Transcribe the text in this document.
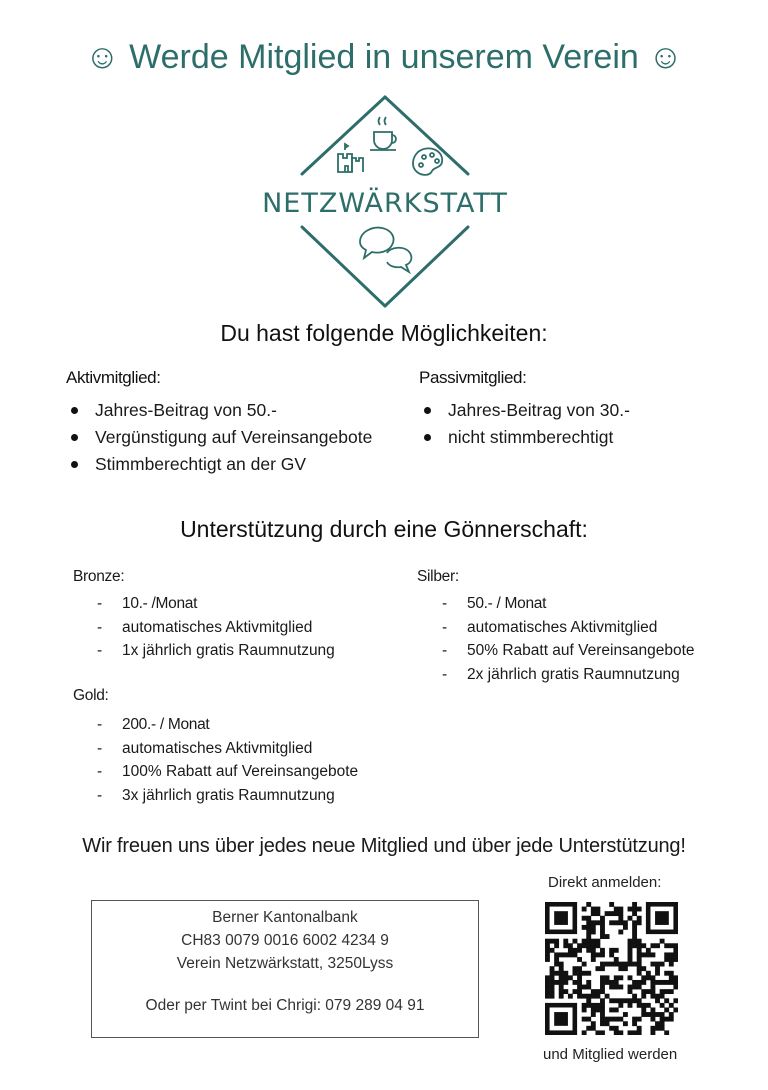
☺ Werde Mitglied in unserem Verein ☺
NETZWÄRKSTATT
Du hast folgende Möglichkeiten:
Aktivmitglied:
Jahres-Beitrag von 50.-
Vergünstigung auf Vereinsangebote
Stimmberechtigt an der GV
Passivmitglied:
Jahres-Beitrag von 30.-
nicht stimmberechtigt
Unterstützung durch eine Gönnerschaft:
Bronze:
- 10.- /Monat
- automatisches Aktivmitglied
- 1x jährlich gratis Raumnutzung
Silber:
- 50.- / Monat
- automatisches Aktivmitglied
- 50% Rabatt auf Vereinsangebote
- 2x jährlich gratis Raumnutzung
Gold:
- 200.- / Monat
- automatisches Aktivmitglied
- 100% Rabatt auf Vereinsangebote
- 3x jährlich gratis Raumnutzung
Wir freuen uns über jedes neue Mitglied und über jede Unterstützung!
Berner Kantonalbank
CH83 0079 0016 6002 4234 9
Verein Netzwärkstatt, 3250Lyss
Oder per Twint bei Chrigi: 079 289 04 91
Direkt anmelden:
und Mitglied werden
